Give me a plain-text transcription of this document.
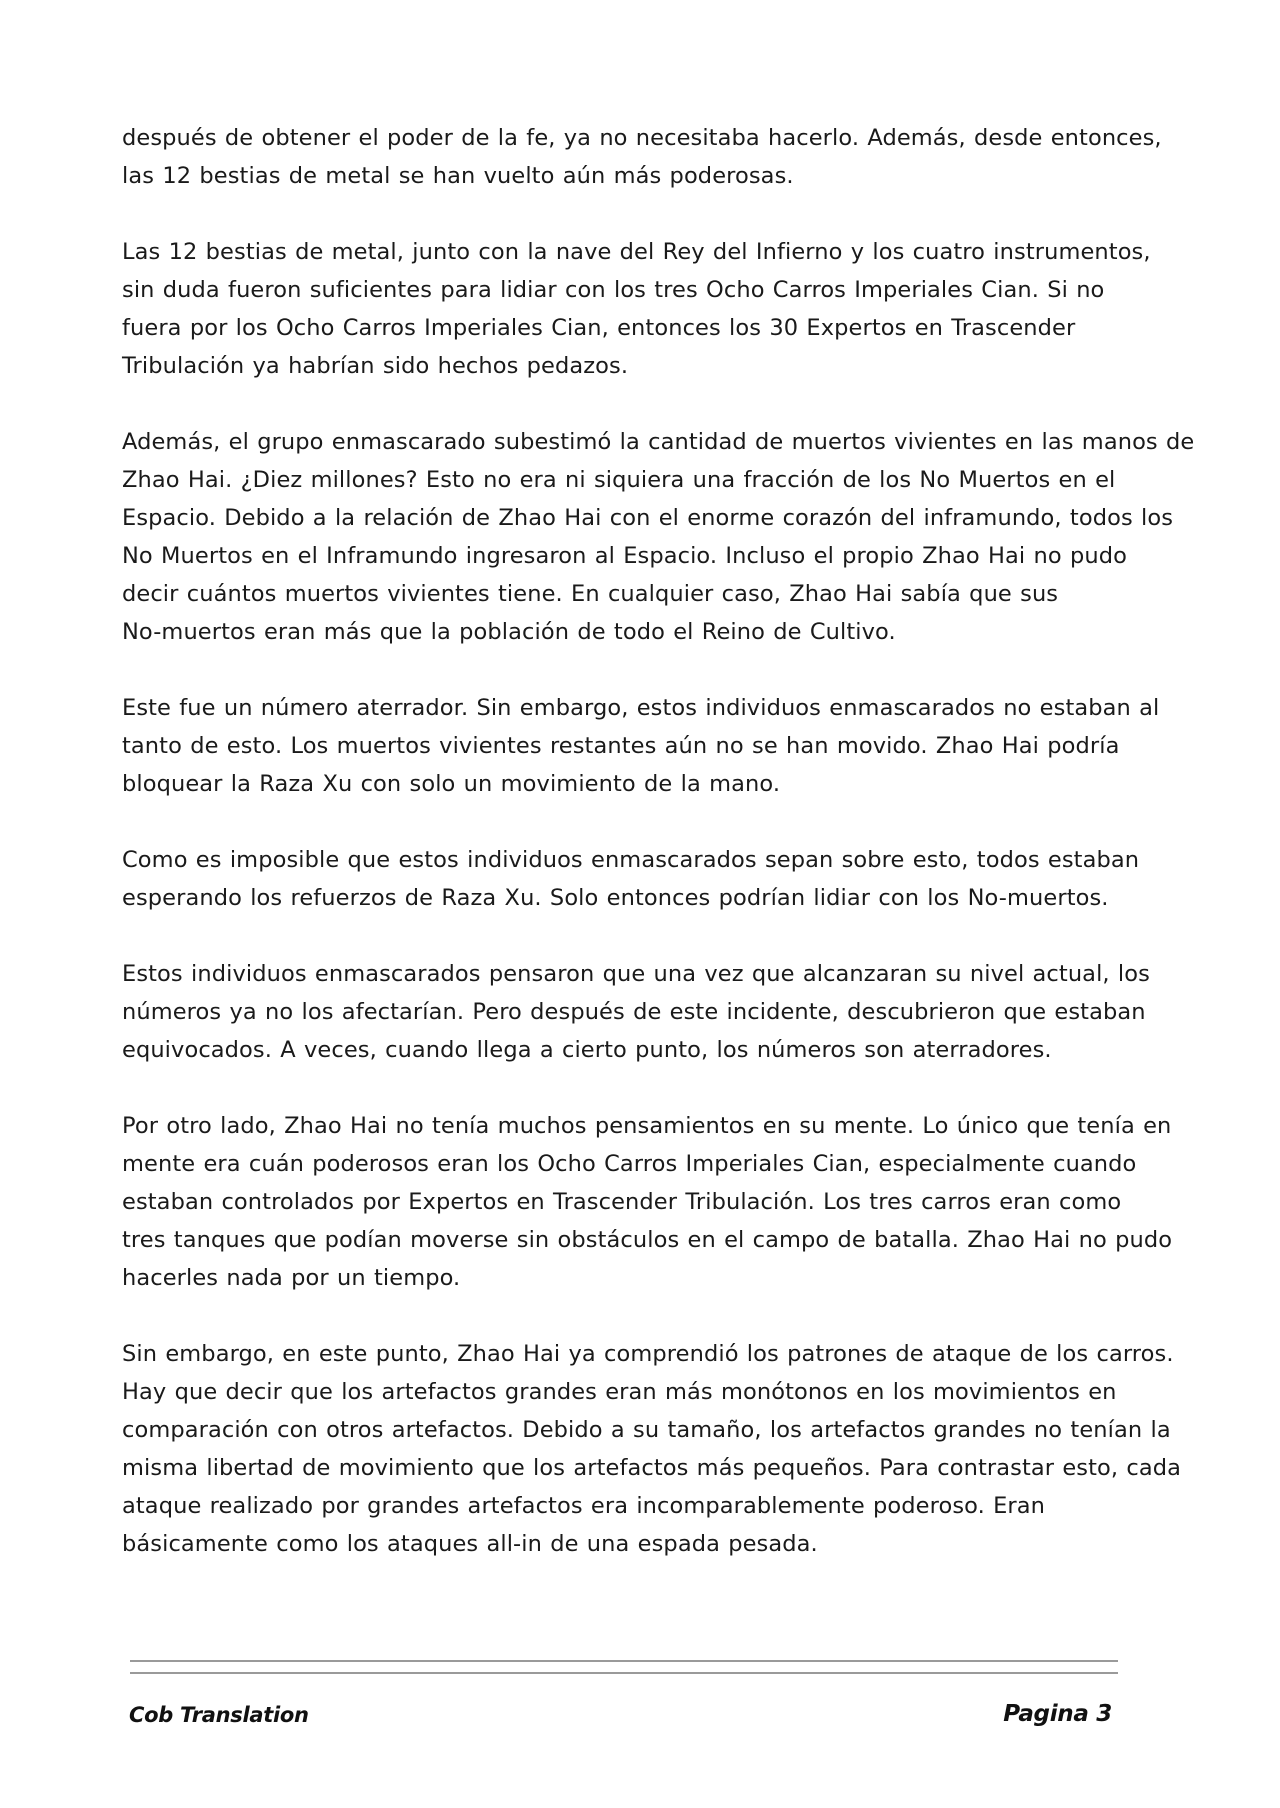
después de obtener el poder de la fe, ya no necesitaba hacerlo. Además, desde entonces,
las 12 bestias de metal se han vuelto aún más poderosas.

Las 12 bestias de metal, junto con la nave del Rey del Infierno y los cuatro instrumentos,
sin duda fueron suficientes para lidiar con los tres Ocho Carros Imperiales Cian. Si no
fuera por los Ocho Carros Imperiales Cian, entonces los 30 Expertos en Trascender
Tribulación ya habrían sido hechos pedazos.

Además, el grupo enmascarado subestimó la cantidad de muertos vivientes en las manos de
Zhao Hai. ¿Diez millones? Esto no era ni siquiera una fracción de los No Muertos en el
Espacio. Debido a la relación de Zhao Hai con el enorme corazón del inframundo, todos los
No Muertos en el Inframundo ingresaron al Espacio. Incluso el propio Zhao Hai no pudo
decir cuántos muertos vivientes tiene. En cualquier caso, Zhao Hai sabía que sus
No-muertos eran más que la población de todo el Reino de Cultivo.

Este fue un número aterrador. Sin embargo, estos individuos enmascarados no estaban al
tanto de esto. Los muertos vivientes restantes aún no se han movido. Zhao Hai podría
bloquear la Raza Xu con solo un movimiento de la mano.

Como es imposible que estos individuos enmascarados sepan sobre esto, todos estaban
esperando los refuerzos de Raza Xu. Solo entonces podrían lidiar con los No-muertos.

Estos individuos enmascarados pensaron que una vez que alcanzaran su nivel actual, los
números ya no los afectarían. Pero después de este incidente, descubrieron que estaban
equivocados. A veces, cuando llega a cierto punto, los números son aterradores.

Por otro lado, Zhao Hai no tenía muchos pensamientos en su mente. Lo único que tenía en
mente era cuán poderosos eran los Ocho Carros Imperiales Cian, especialmente cuando
estaban controlados por Expertos en Trascender Tribulación. Los tres carros eran como
tres tanques que podían moverse sin obstáculos en el campo de batalla. Zhao Hai no pudo
hacerles nada por un tiempo.

Sin embargo, en este punto, Zhao Hai ya comprendió los patrones de ataque de los carros.
Hay que decir que los artefactos grandes eran más monótonos en los movimientos en
comparación con otros artefactos. Debido a su tamaño, los artefactos grandes no tenían la
misma libertad de movimiento que los artefactos más pequeños. Para contrastar esto, cada
ataque realizado por grandes artefactos era incomparablemente poderoso. Eran
básicamente como los ataques all-in de una espada pesada.

Cob Translation	Pagina 3
